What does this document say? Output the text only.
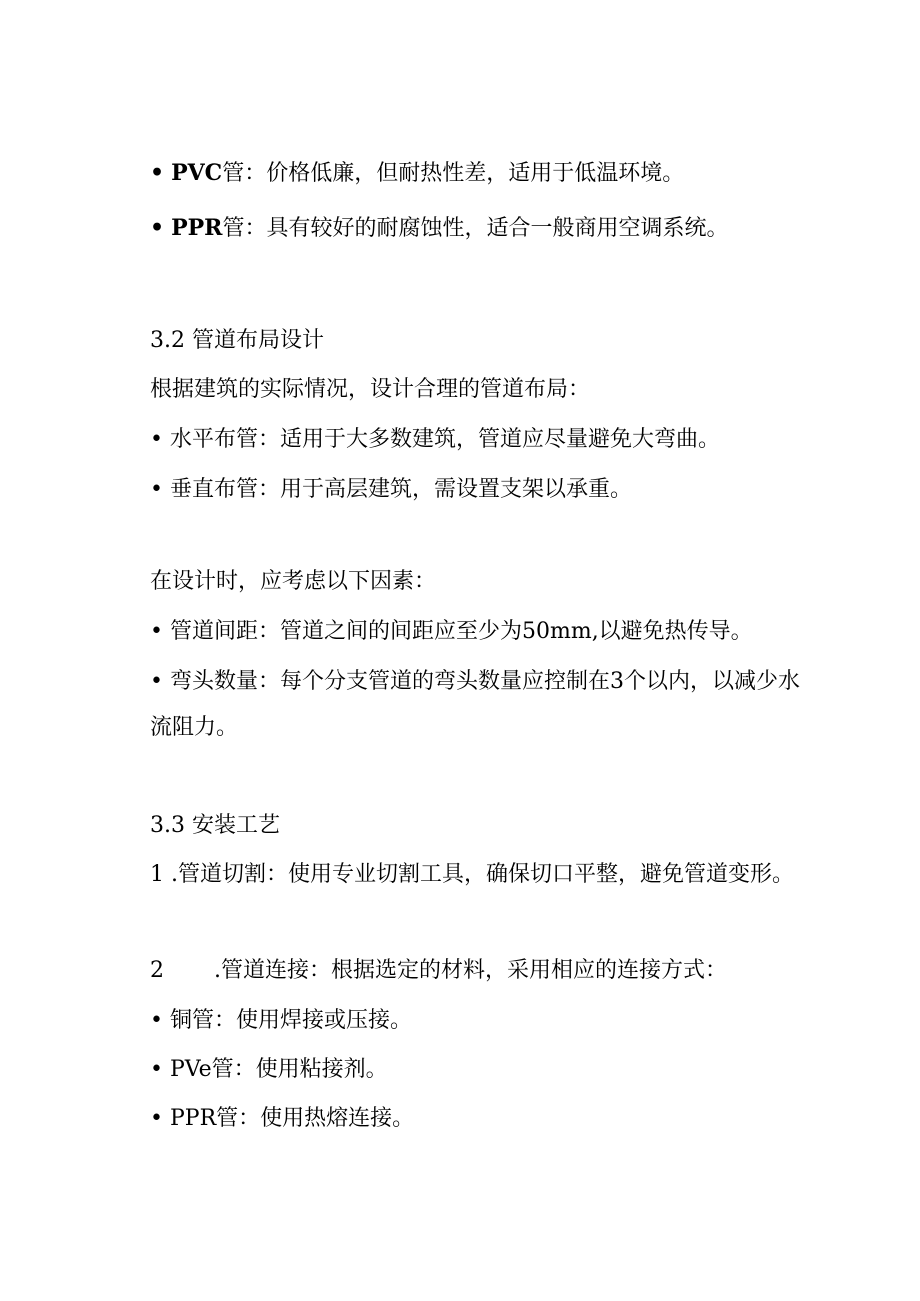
• PVC管：价格低廉，但耐热性差，适用于低温环境。
• PPR管：具有较好的耐腐蚀性，适合一般商用空调系统。
3.2 管道布局设计
根据建筑的实际情况，设计合理的管道布局：
• 水平布管：适用于大多数建筑，管道应尽量避免大弯曲。
• 垂直布管：用于高层建筑，需设置支架以承重。
在设计时，应考虑以下因素：
• 管道间距：管道之间的间距应至少为50mm,以避免热传导。
• 弯头数量：每个分支管道的弯头数量应控制在3个以内，以减少水流阻力。
3.3 安装工艺
1 .管道切割：使用专业切割工具，确保切口平整，避免管道变形。
2 .管道连接：根据选定的材料，采用相应的连接方式：
• 铜管：使用焊接或压接。
• PVe管：使用粘接剂。
• PPR管：使用热熔连接。
